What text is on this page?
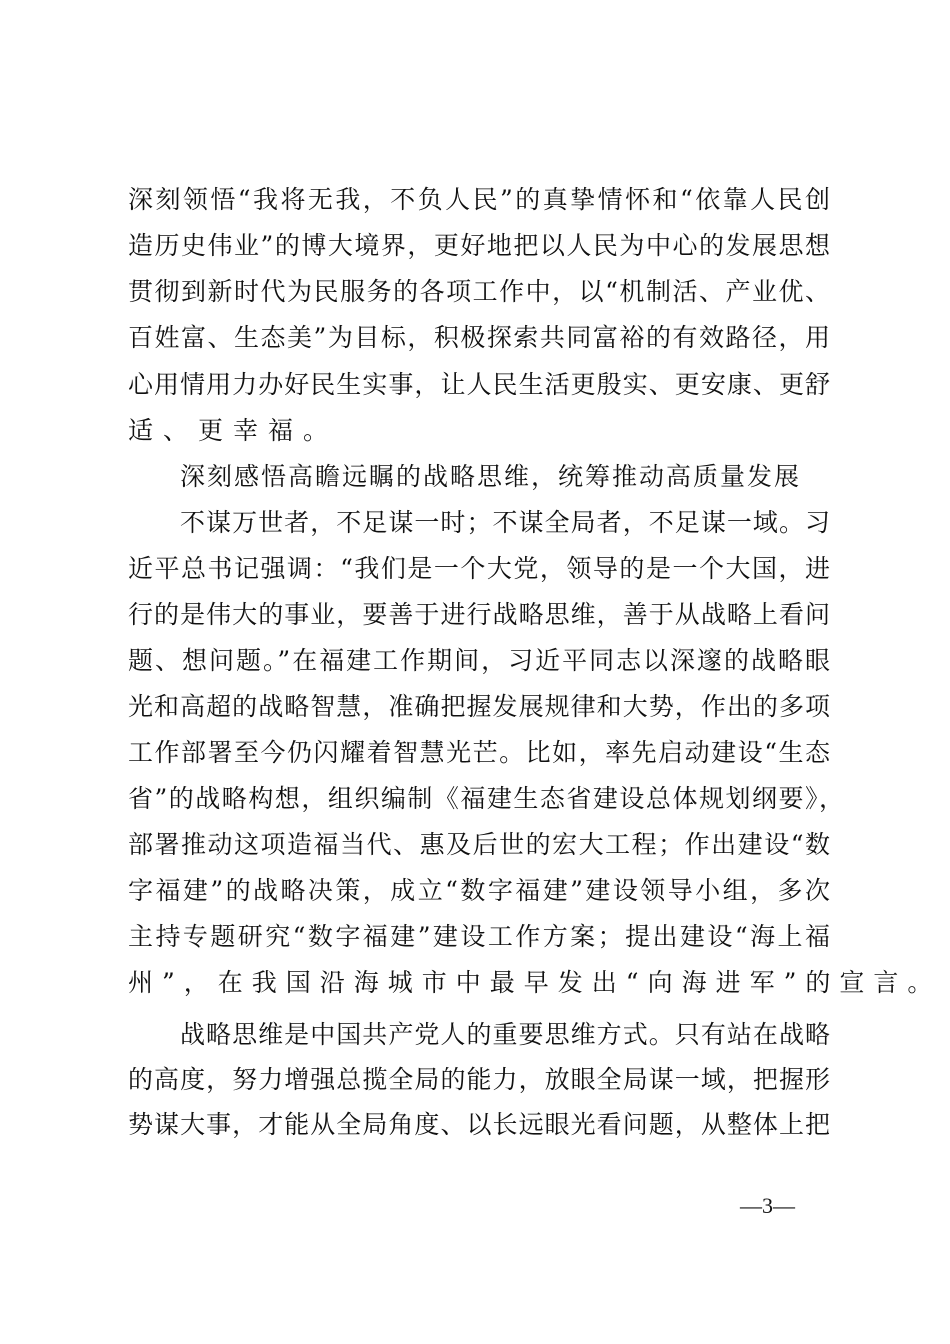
深刻领悟“我将无我，不负人民”的真挚情怀和“依靠人民创
造历史伟业”的博大境界，更好地把以人民为中心的发展思想
贯彻到新时代为民服务的各项工作中，以“机制活、产业优、
百姓富、生态美”为目标，积极探索共同富裕的有效路径，用
心用情用力办好民生实事，让人民生活更殷实、更安康、更舒
适、更幸福。
深刻感悟高瞻远瞩的战略思维，统筹推动高质量发展
不谋万世者，不足谋一时；不谋全局者，不足谋一域。习
近平总书记强调：“我们是一个大党，领导的是一个大国，进
行的是伟大的事业，要善于进行战略思维，善于从战略上看问
题、想问题。”在福建工作期间，习近平同志以深邃的战略眼
光和高超的战略智慧，准确把握发展规律和大势，作出的多项
工作部署至今仍闪耀着智慧光芒。比如，率先启动建设“生态
省”的战略构想，组织编制《福建生态省建设总体规划纲要》，
部署推动这项造福当代、惠及后世的宏大工程；作出建设“数
字福建”的战略决策，成立“数字福建”建设领导小组，多次
主持专题研究“数字福建”建设工作方案；提出建设“海上福
州”，在我国沿海城市中最早发出“向海进军”的宣言。
战略思维是中国共产党人的重要思维方式。只有站在战略
的高度，努力增强总揽全局的能力，放眼全局谋一域，把握形
势谋大事，才能从全局角度、以长远眼光看问题，从整体上把
—3—
